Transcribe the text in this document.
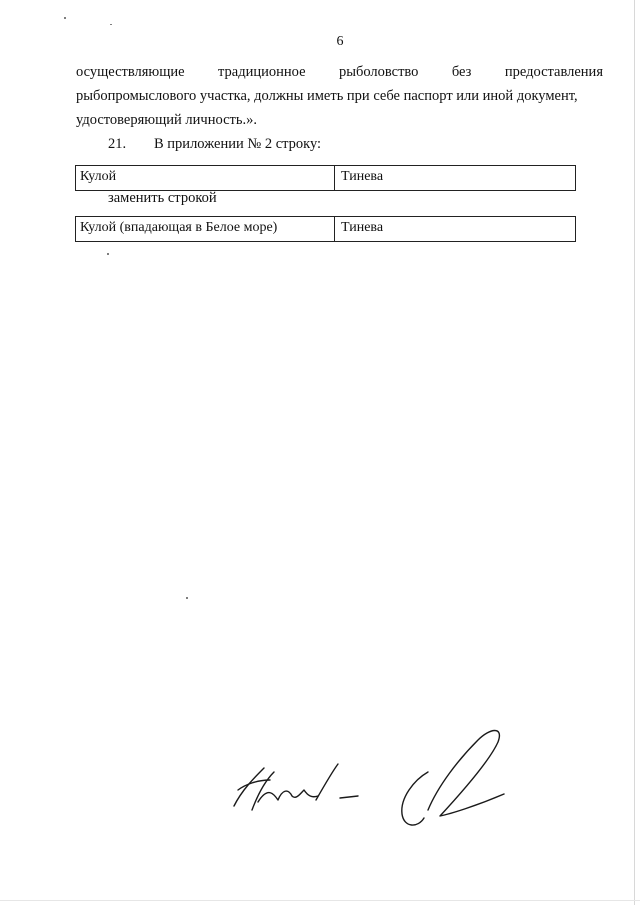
6
осуществляющие традиционное рыболовство без предоставления
рыбопромыслового участка, должны иметь при себе паспорт или иной документ,
удостоверяющий личность.».
21. В приложении № 2 строку:
Кулой	Тинева
заменить строкой
Кулой (впадающая в Белое море)	Тинева
